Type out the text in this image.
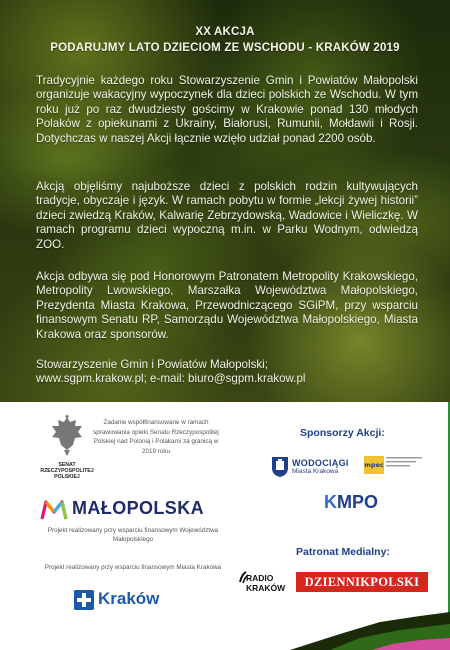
XX AKCJA
PODARUJMY LATO DZIECIOM ZE WSCHODU - KRAKÓW 2019

Tradycyjnie każdego roku Stowarzyszenie Gmin i Powiatów Małopolski organizuje wakacyjny wypoczynek dla dzieci polskich ze Wschodu. W tym roku już po raz dwudziesty gościmy w Krakowie ponad 130 młodych Polaków z opiekunami z Ukrainy, Białorusi, Rumunii, Mołdawii i Rosji. Dotychczas w naszej Akcji łącznie wzięło udział ponad 2200 osób.

Akcją objęliśmy najuboższe dzieci z polskich rodzin kultywujących tradycje, obyczaje i język. W ramach pobytu w formie „lekcji żywej historii” dzieci zwiedzą Kraków, Kalwarię Zebrzydowską, Wadowice i Wieliczkę. W ramach programu dzieci wypoczną m.in. w Parku Wodnym, odwiedzą ZOO.

Akcja odbywa się pod Honorowym Patronatem Metropolity Krakowskiego, Metropolity Lwowskiego, Marszałka Województwa Małopolskiego, Prezydenta Miasta Krakowa, Przewodniczącego SGiPM, przy wsparciu finansowym Senatu RP, Samorządu Województwa Małopolskiego, Miasta Krakowa oraz sponsorów.

Stowarzyszenie Gmin i Powiatów Małopolski;
www.sgpm.krakow.pl; e-mail: biuro@sgpm.krakow.pl
SENAT RZECZYPOSPOLITEJ POLSKIEJ
Zadanie współfinansowane w ramach sprawowania opieki Senatu Rzeczypospolitej Polskiej nad Polonią i Polakami za granicą w 2019 roku
MAŁOPOLSKA
Projekt realizowany przy wsparciu finansowym Województwa Małopolskiego
Projekt realizowany przy wsparciu finansowym Miasta Krakowa
Kraków
Sponsorzy Akcji:
WODOCIĄGI
Miasta Krakowa
mpec
KMPO
Patronat Medialny:
RADIO
KRAKÓW	DZIENNIKPOLSKI
